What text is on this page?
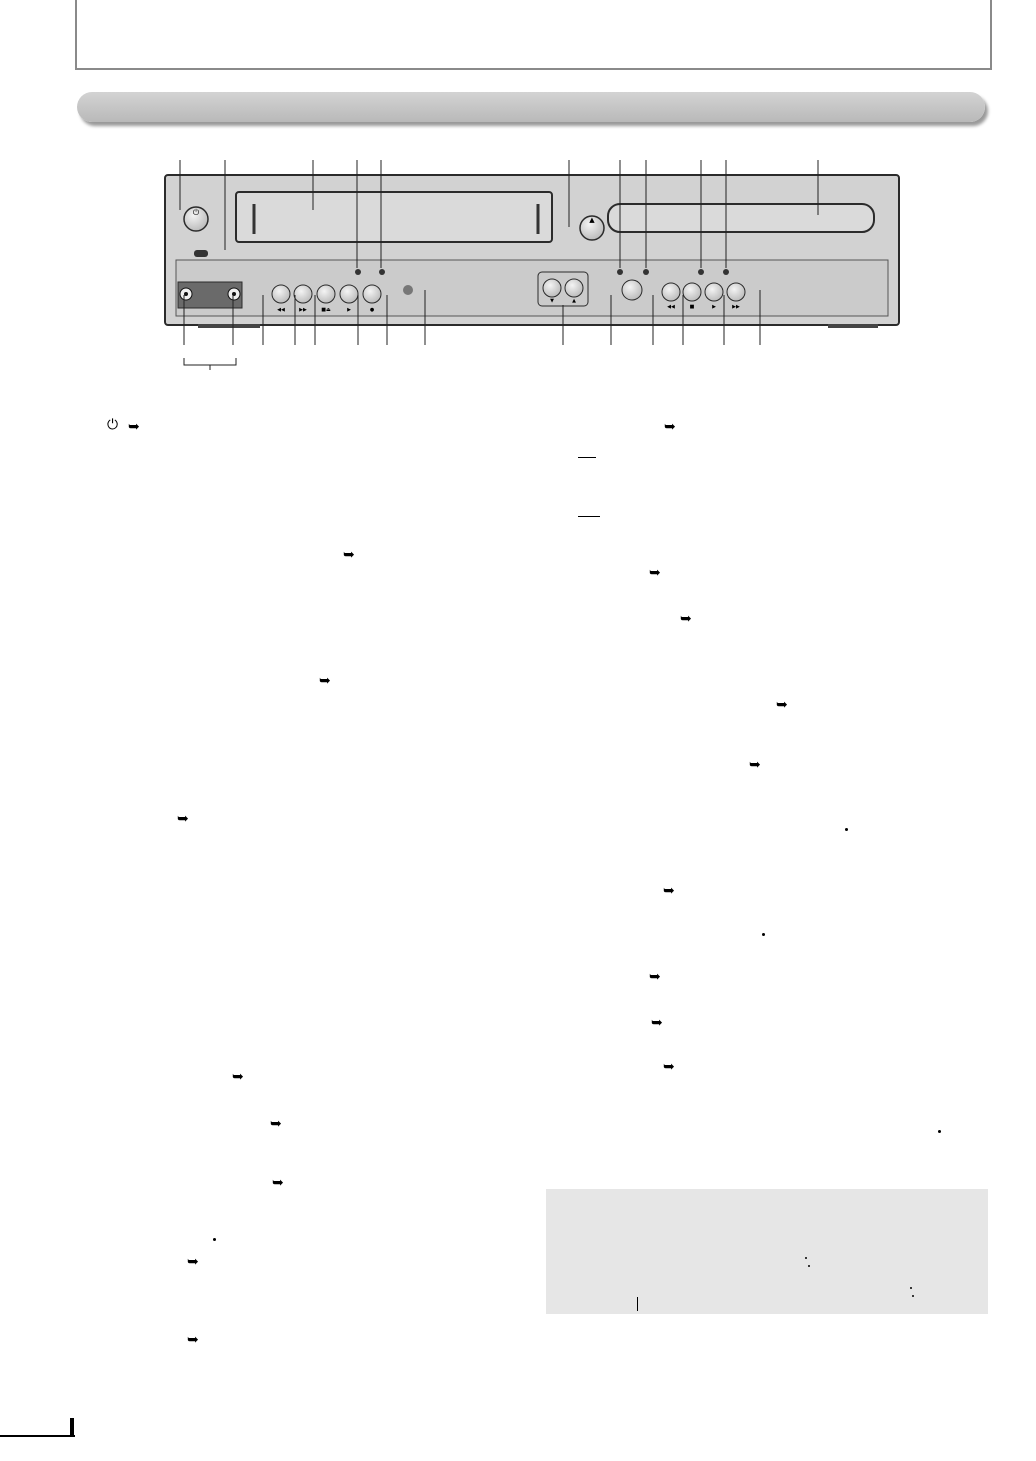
⏻
▲
◀◀	▶▶	■⏏	▶	●
▼	▲
◀◀	■	▶	▶▶
⏻ ➥
➥
➥
➥
➥
➥
➥
➥
➥
➥
➥
➥
➥
➥
➥
➥
➥
➥
